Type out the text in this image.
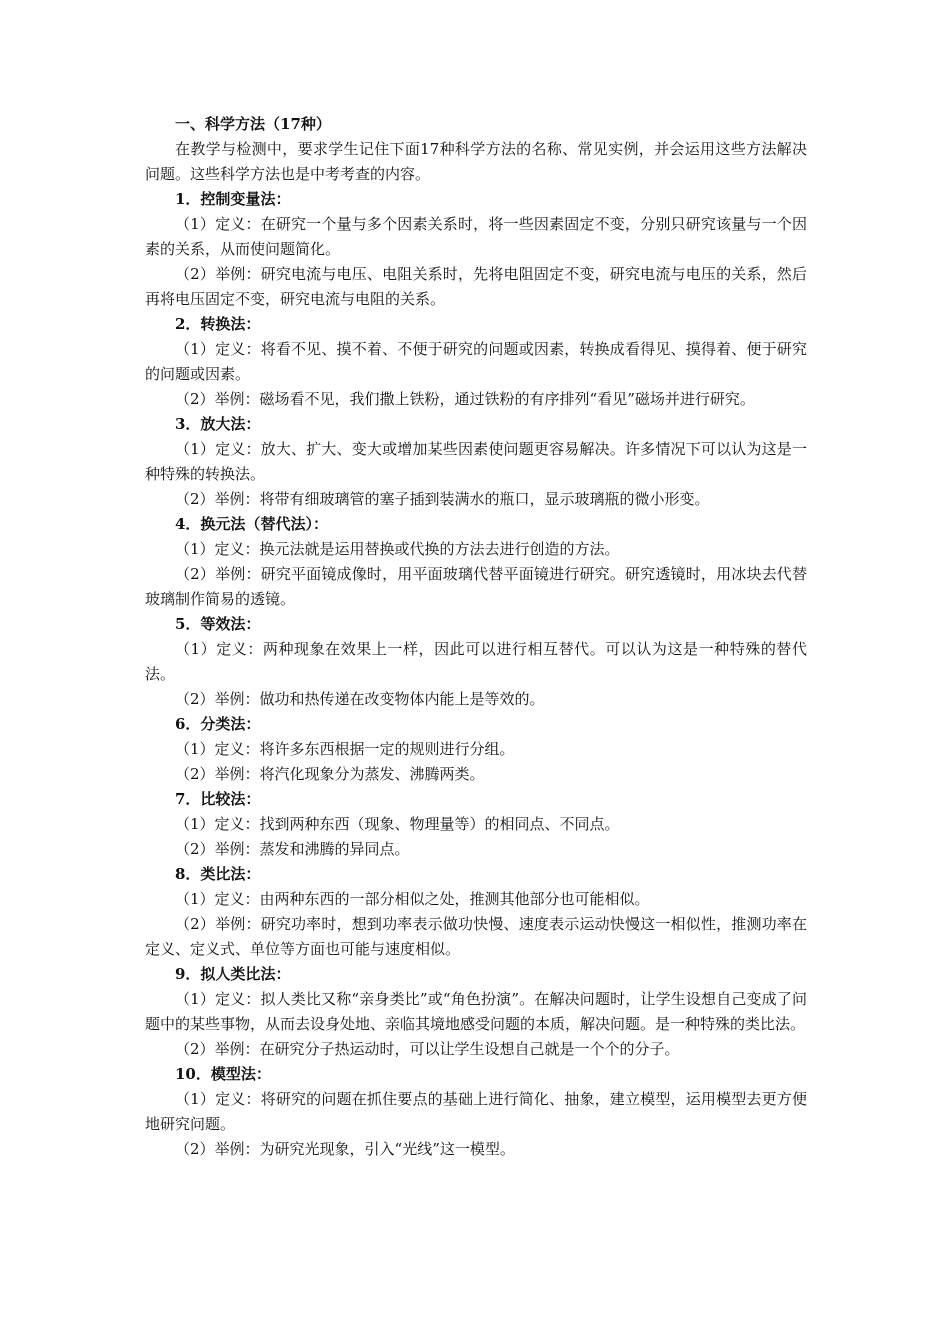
一、科学方法（17种）

在教学与检测中，要求学生记住下面17种科学方法的名称、常见实例，并会运用这些方法解决问题。这些科学方法也是中考考查的内容。

1．控制变量法：

（1）定义：在研究一个量与多个因素关系时，将一些因素固定不变，分别只研究该量与一个因素的关系，从而使问题简化。

（2）举例：研究电流与电压、电阻关系时，先将电阻固定不变，研究电流与电压的关系，然后再将电压固定不变，研究电流与电阻的关系。

2．转换法：

（1）定义：将看不见、摸不着、不便于研究的问题或因素，转换成看得见、摸得着、便于研究的问题或因素。

（2）举例：磁场看不见，我们撒上铁粉，通过铁粉的有序排列“看见”磁场并进行研究。

3．放大法：

（1）定义：放大、扩大、变大或增加某些因素使问题更容易解决。许多情况下可以认为这是一种特殊的转换法。

（2）举例：将带有细玻璃管的塞子插到装满水的瓶口，显示玻璃瓶的微小形变。

4．换元法（替代法）：

（1）定义：换元法就是运用替换或代换的方法去进行创造的方法。

（2）举例：研究平面镜成像时，用平面玻璃代替平面镜进行研究。研究透镜时，用冰块去代替玻璃制作简易的透镜。

5．等效法：

（1）定义：两种现象在效果上一样，因此可以进行相互替代。可以认为这是一种特殊的替代法。

（2）举例：做功和热传递在改变物体内能上是等效的。

6．分类法：

（1）定义：将许多东西根据一定的规则进行分组。

（2）举例：将汽化现象分为蒸发、沸腾两类。

7．比较法：

（1）定义：找到两种东西（现象、物理量等）的相同点、不同点。

（2）举例：蒸发和沸腾的异同点。

8．类比法：

（1）定义：由两种东西的一部分相似之处，推测其他部分也可能相似。

（2）举例：研究功率时，想到功率表示做功快慢、速度表示运动快慢这一相似性，推测功率在定义、定义式、单位等方面也可能与速度相似。

9．拟人类比法：

（1）定义：拟人类比又称“亲身类比”或“角色扮演”。在解决问题时，让学生设想自己变成了问题中的某些事物，从而去设身处地、亲临其境地感受问题的本质，解决问题。是一种特殊的类比法。

（2）举例：在研究分子热运动时，可以让学生设想自己就是一个个的分子。

10．模型法：

（1）定义：将研究的问题在抓住要点的基础上进行简化、抽象，建立模型，运用模型去更方便地研究问题。

（2）举例：为研究光现象，引入“光线”这一模型。
